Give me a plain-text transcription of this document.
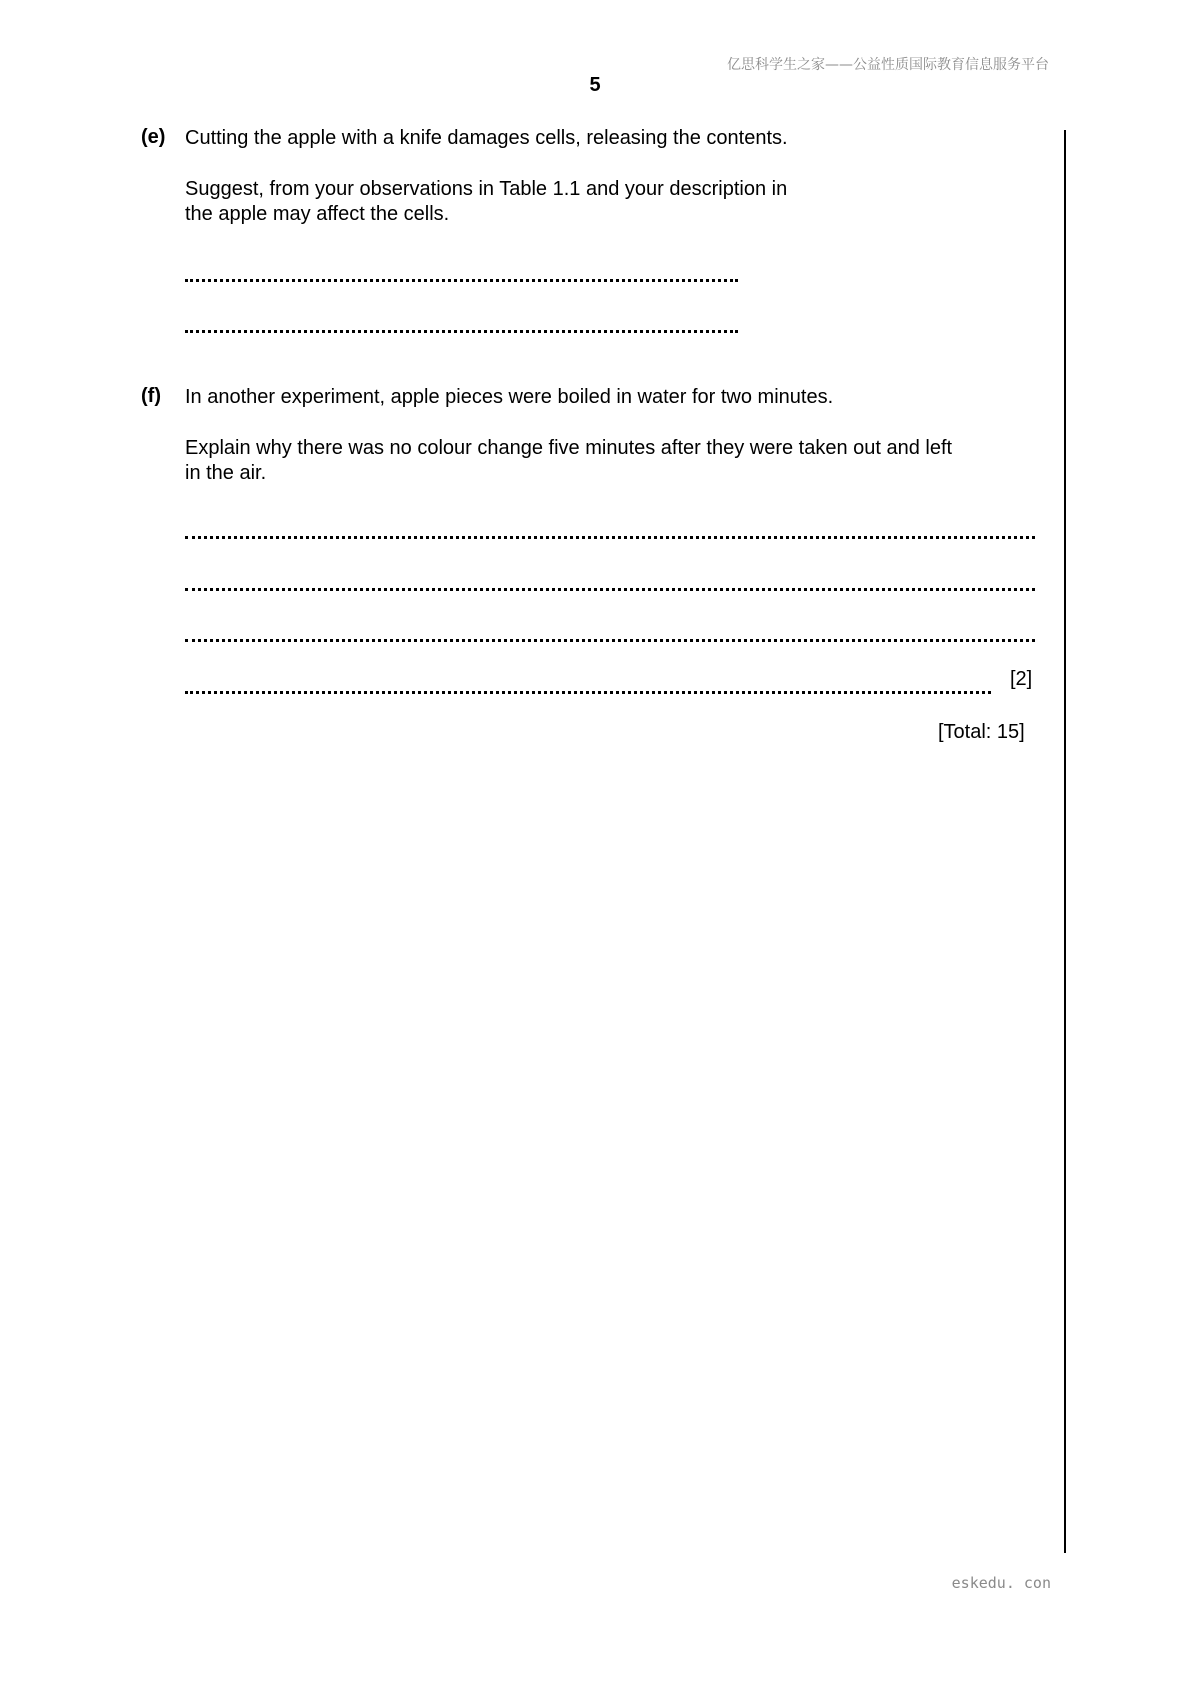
亿思科学生之家——公益性质国际教育信息服务平台
5
(e) Cutting the apple with a knife damages cells, releasing the contents.
Suggest, from your observations in Table 1.1 and your description in
the apple may affect the cells.
(f) In another experiment, apple pieces were boiled in water for two minutes.
Explain why there was no colour change five minutes after they were taken out and left
in the air.
[2]
[Total: 15]
eskedu. con
